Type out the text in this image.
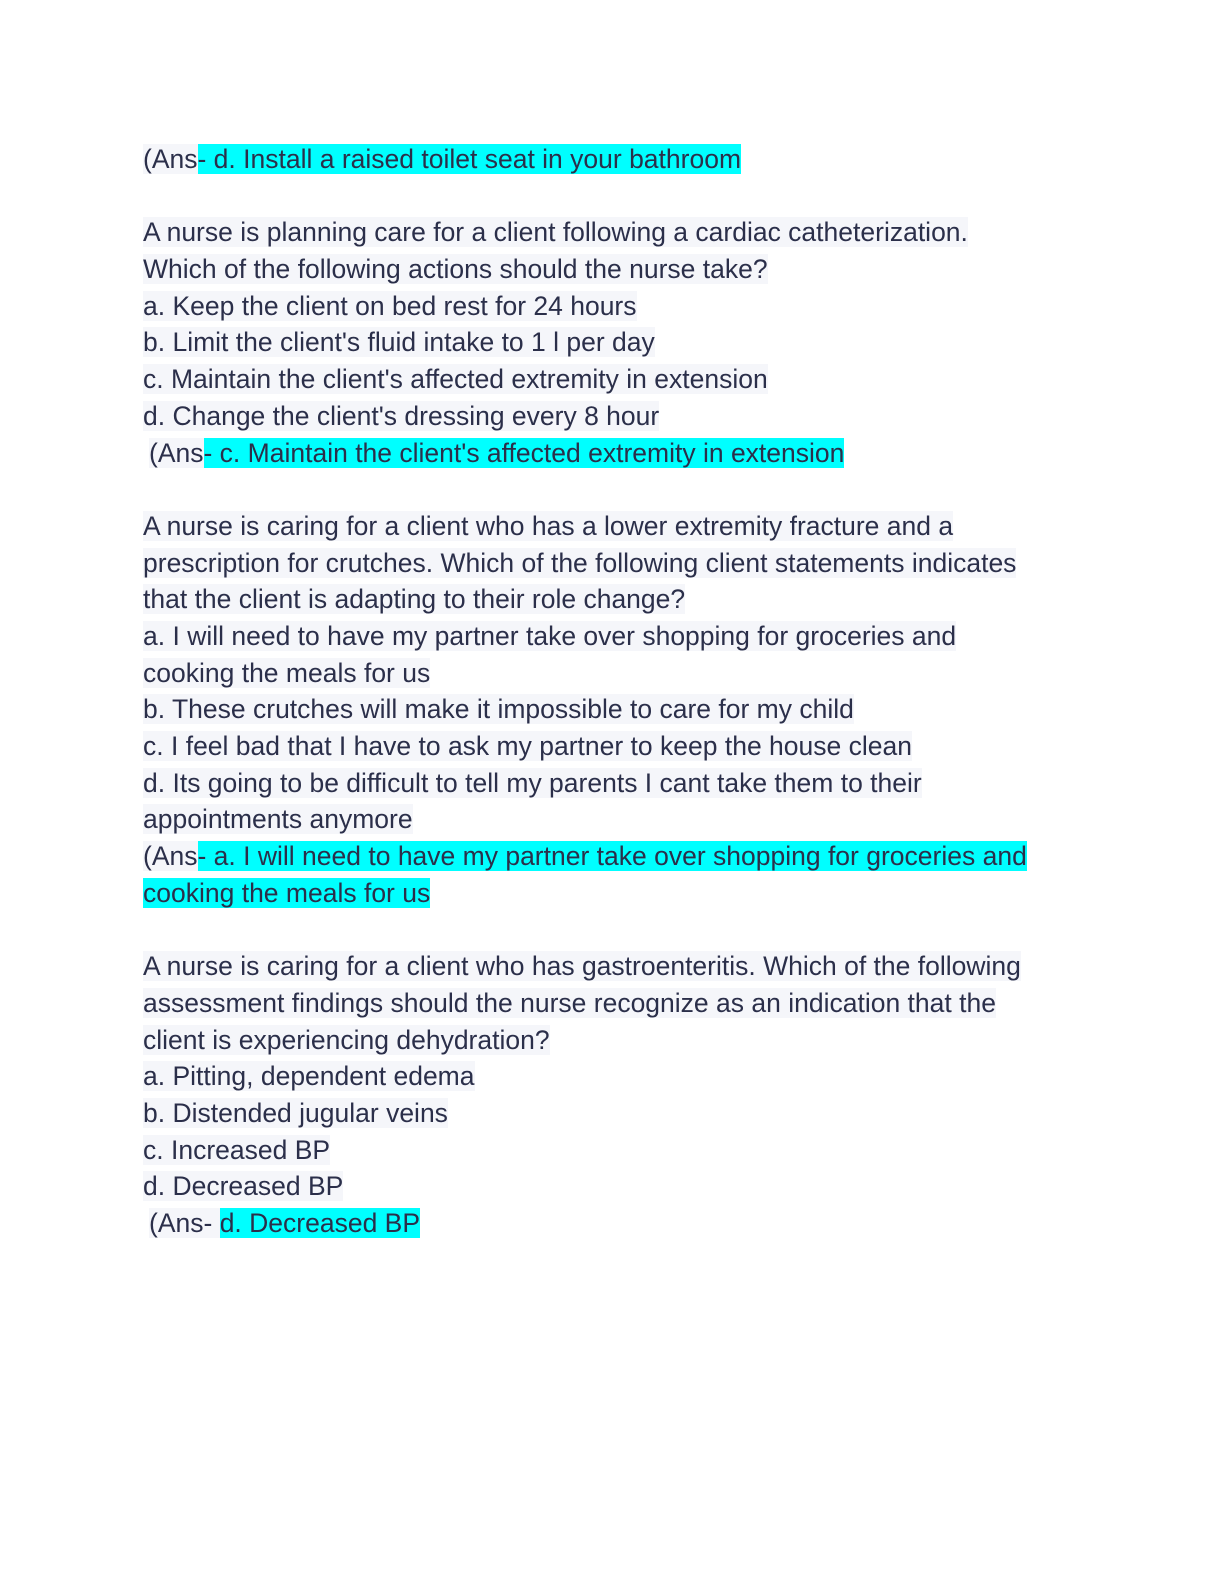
(Ans- d. Install a raised toilet seat in your bathroom
A nurse is planning care for a client following a cardiac catheterization.
Which of the following actions should the nurse take?
a. Keep the client on bed rest for 24 hours
b. Limit the client's fluid intake to 1 l per day
c. Maintain the client's affected extremity in extension
d. Change the client's dressing every 8 hour
(Ans- c. Maintain the client's affected extremity in extension
A nurse is caring for a client who has a lower extremity fracture and a
prescription for crutches. Which of the following client statements indicates
that the client is adapting to their role change?
a. I will need to have my partner take over shopping for groceries and
cooking the meals for us
b. These crutches will make it impossible to care for my child
c. I feel bad that I have to ask my partner to keep the house clean
d. Its going to be difficult to tell my parents I cant take them to their
appointments anymore
(Ans- a. I will need to have my partner take over shopping for groceries and
cooking the meals for us
A nurse is caring for a client who has gastroenteritis. Which of the following
assessment findings should the nurse recognize as an indication that the
client is experiencing dehydration?
a. Pitting, dependent edema
b. Distended jugular veins
c. Increased BP
d. Decreased BP
(Ans- d. Decreased BP
